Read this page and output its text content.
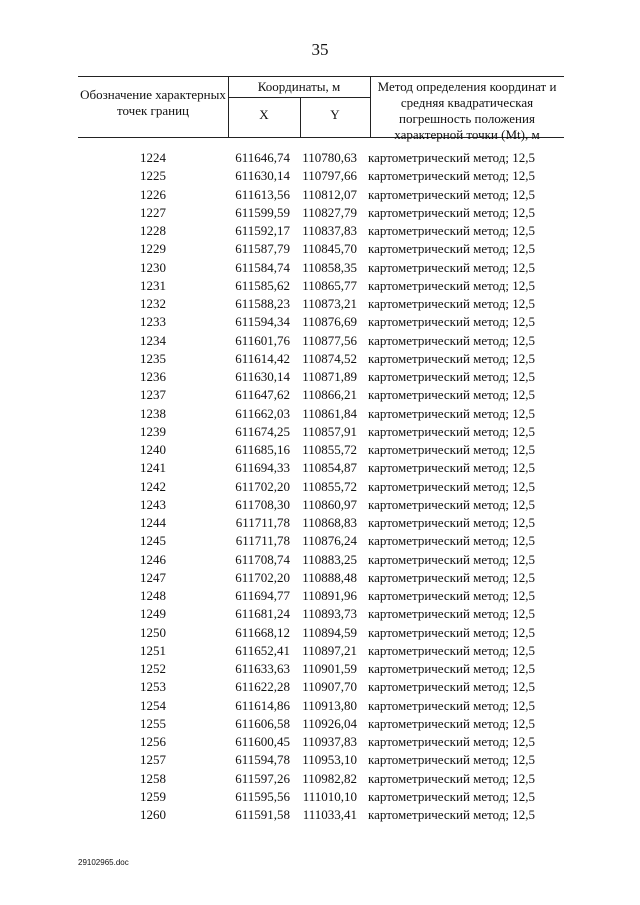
35
Обозначение характерных точек границ
Координаты, м
X	Y
Метод определения координат и средняя квадратическая погрешность положения характерной точки (Mt), м
1224	611646,74 110780,63 картометрический метод; 12,5
1225	611630,14 110797,66 картометрический метод; 12,5
1226	611613,56 110812,07 картометрический метод; 12,5
1227	611599,59 110827,79 картометрический метод; 12,5
1228	611592,17 110837,83 картометрический метод; 12,5
1229	611587,79 110845,70 картометрический метод; 12,5
1230	611584,74 110858,35 картометрический метод; 12,5
1231	611585,62 110865,77 картометрический метод; 12,5
1232	611588,23 110873,21 картометрический метод; 12,5
1233	611594,34 110876,69 картометрический метод; 12,5
1234	611601,76 110877,56 картометрический метод; 12,5
1235	611614,42 110874,52 картометрический метод; 12,5
1236	611630,14 110871,89 картометрический метод; 12,5
1237	611647,62 110866,21 картометрический метод; 12,5
1238	611662,03 110861,84 картометрический метод; 12,5
1239	611674,25 110857,91 картометрический метод; 12,5
1240	611685,16 110855,72 картометрический метод; 12,5
1241	611694,33 110854,87 картометрический метод; 12,5
1242	611702,20 110855,72 картометрический метод; 12,5
1243	611708,30 110860,97 картометрический метод; 12,5
1244	611711,78 110868,83 картометрический метод; 12,5
1245	611711,78 110876,24 картометрический метод; 12,5
1246	611708,74 110883,25 картометрический метод; 12,5
1247	611702,20 110888,48 картометрический метод; 12,5
1248	611694,77 110891,96 картометрический метод; 12,5
1249	611681,24 110893,73 картометрический метод; 12,5
1250	611668,12 110894,59 картометрический метод; 12,5
1251	611652,41 110897,21 картометрический метод; 12,5
1252	611633,63 110901,59 картометрический метод; 12,5
1253	611622,28 110907,70 картометрический метод; 12,5
1254	611614,86 110913,80 картометрический метод; 12,5
1255	611606,58 110926,04 картометрический метод; 12,5
1256	611600,45 110937,83 картометрический метод; 12,5
1257	611594,78 110953,10 картометрический метод; 12,5
1258	611597,26 110982,82 картометрический метод; 12,5
1259	611595,56 111010,10 картометрический метод; 12,5
1260	611591,58 111033,41 картометрический метод; 12,5
29102965.doc
